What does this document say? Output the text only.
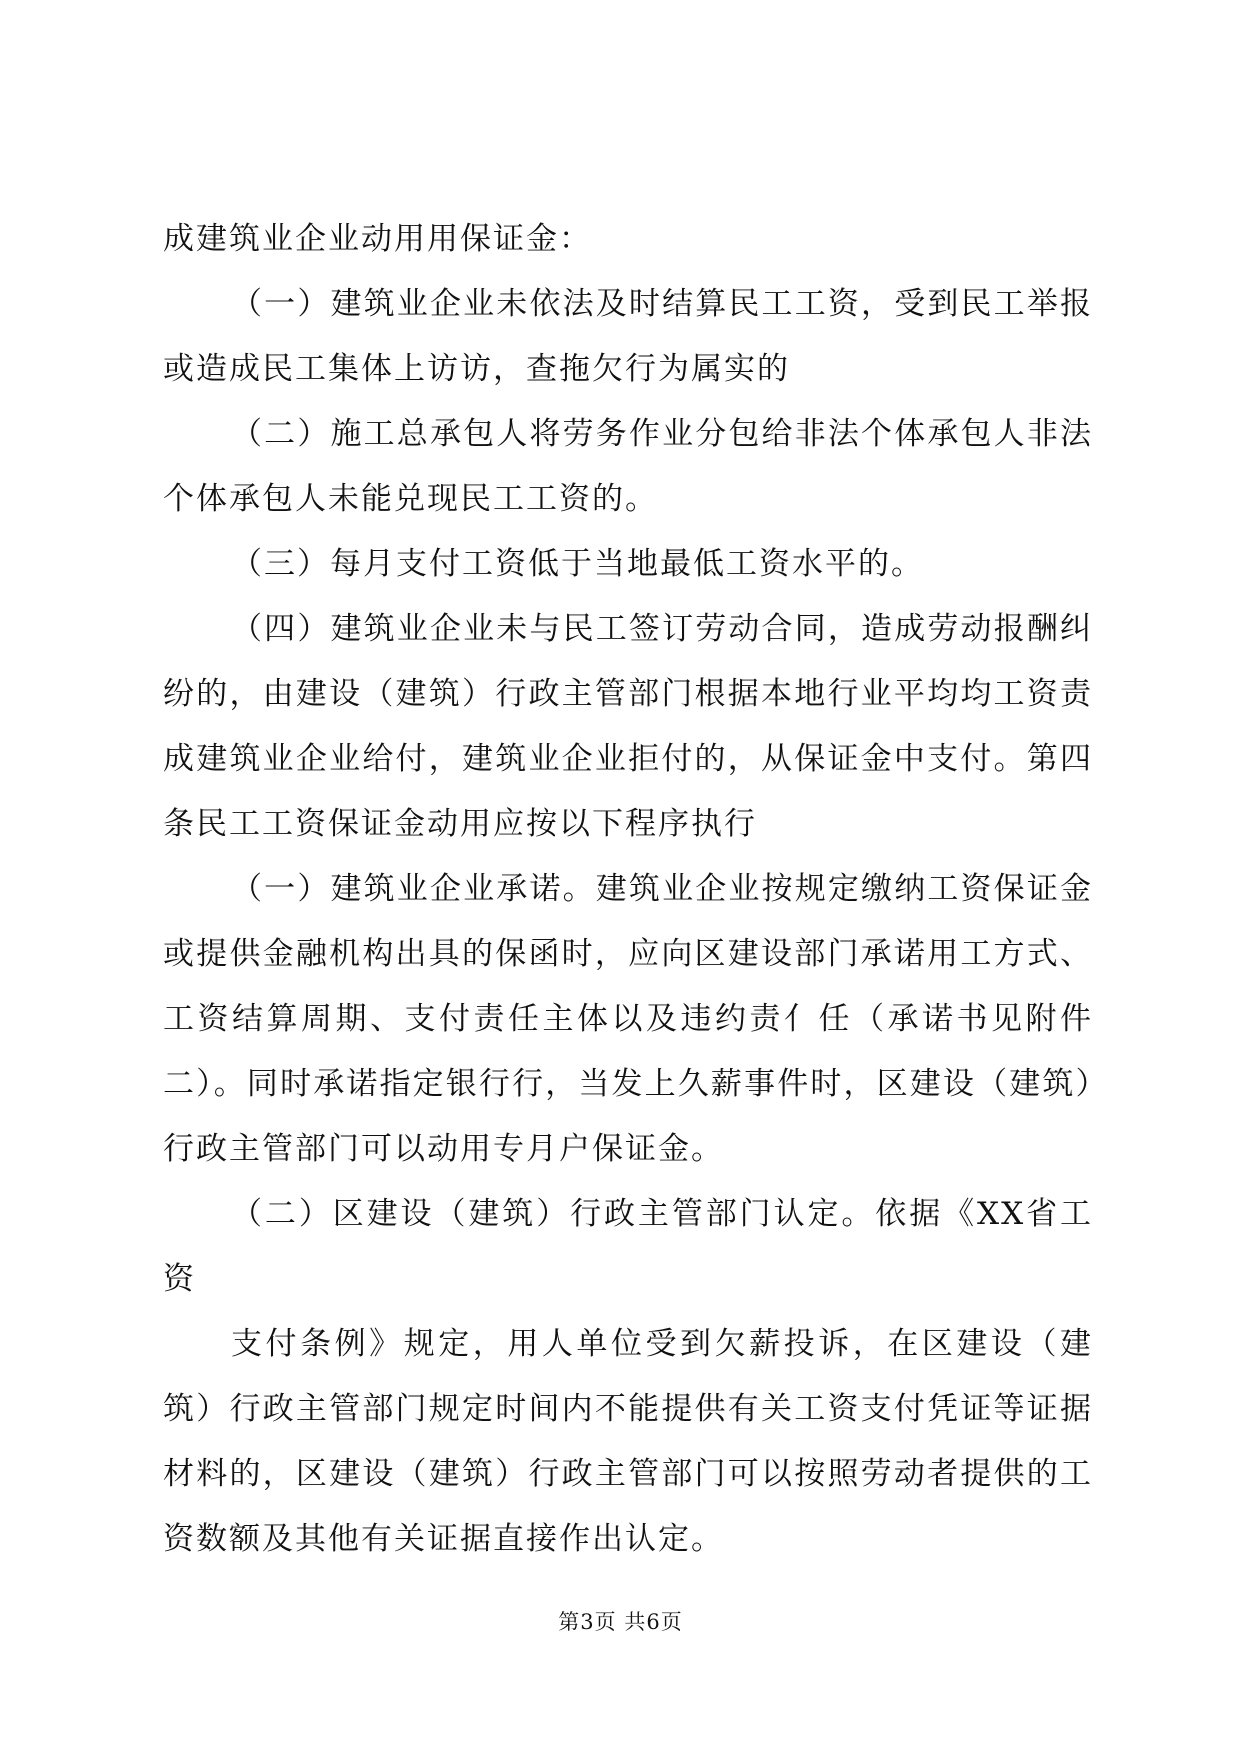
成建筑业企业动用用保证金：

（一）建筑业企业未依法及时结算民工工资，受到民工举报或造成民工集体上访访，查拖欠行为属实的

（二）施工总承包人将劳务作业分包给非法个体承包人非法个体承包人未能兑现民工工资的。

（三）每月支付工资低于当地最低工资水平的。

（四）建筑业企业未与民工签订劳动合同，造成劳动报酬纠纷的，由建设（建筑）行政主管部门根据本地行业平均均工资责成建筑业企业给付，建筑业企业拒付的，从保证金中支付。第四条民工工资保证金动用应按以下程序执行

（一）建筑业企业承诺。建筑业企业按规定缴纳工资保证金或提供金融机构出具的保函时，应向区建设部门承诺用工方式、工资结算周期、支付责任主体以及违约责亻任（承诺书见附件二）。同时承诺指定银行行，当发上久薪事件时，区建设（建筑）行政主管部门可以动用专月户保证金。

（二）区建设（建筑）行政主管部门认定。依据《XX省工资

支付条例》规定，用人单位受到欠薪投诉，在区建设（建筑）行政主管部门规定时间内不能提供有关工资支付凭证等证据材料的，区建设（建筑）行政主管部门可以按照劳动者提供的工资数额及其他有关证据直接作出认定。

第3页 共6页
